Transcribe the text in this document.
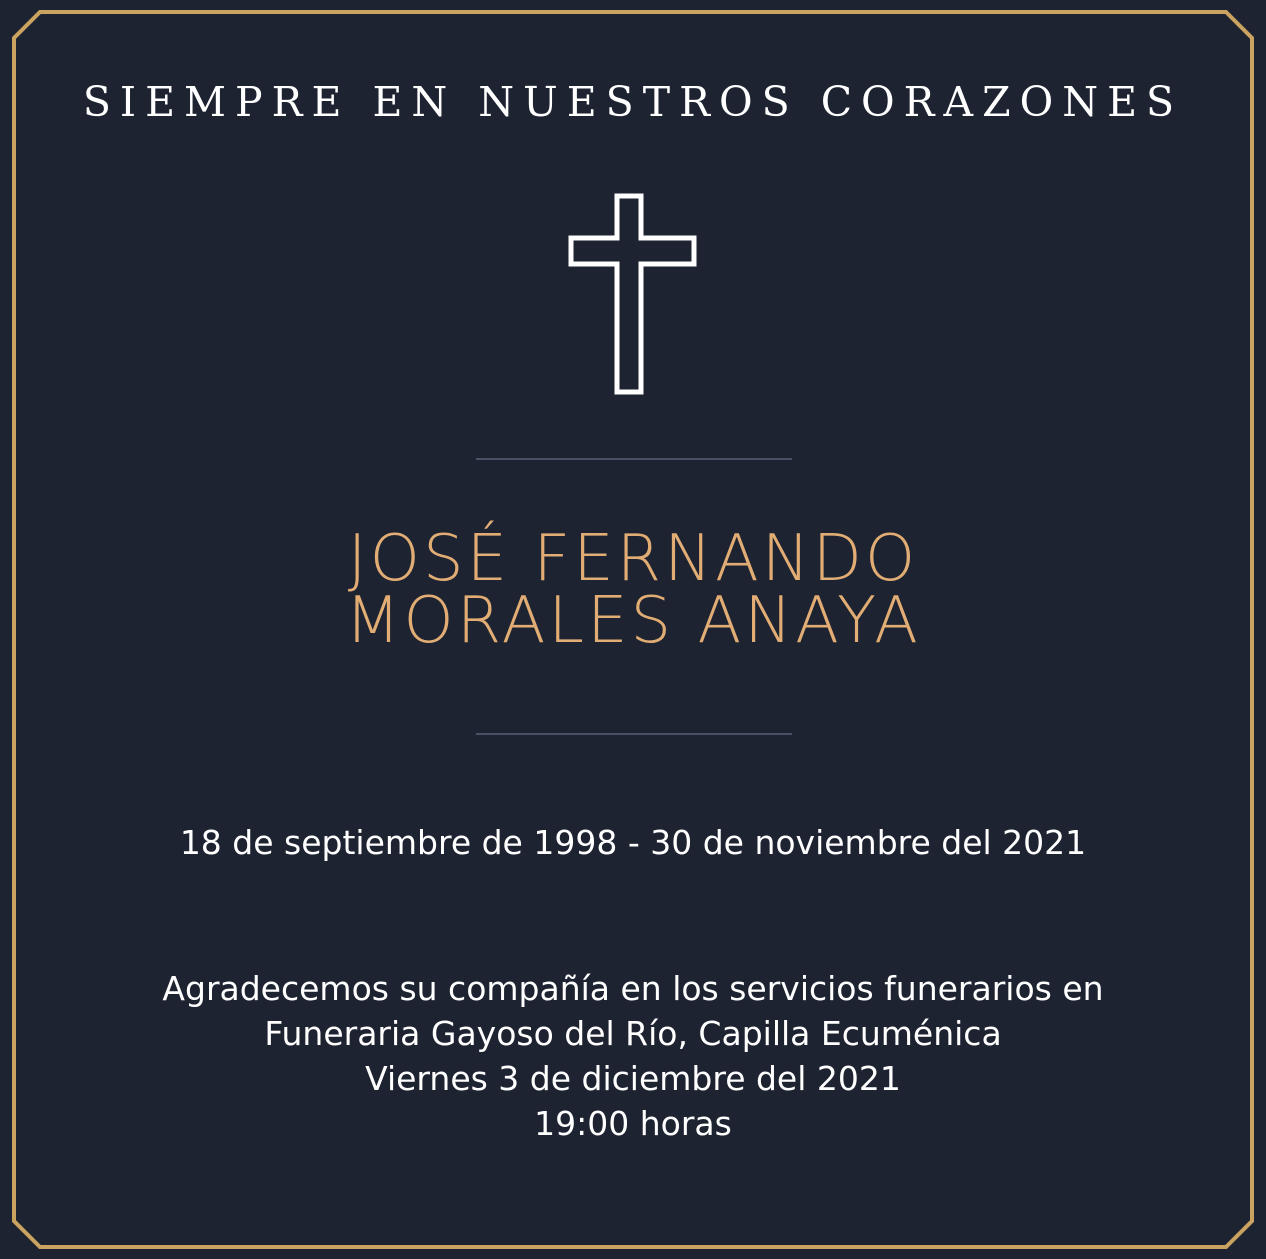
SIEMPRE EN NUESTROS CORAZONES
JOSÉ FERNANDO
MORALES ANAYA
18 de septiembre de 1998 - 30 de noviembre del 2021
Agradecemos su compañía en los servicios funerarios en
Funeraria Gayoso del Río, Capilla Ecuménica
Viernes 3 de diciembre del 2021
19:00 horas
